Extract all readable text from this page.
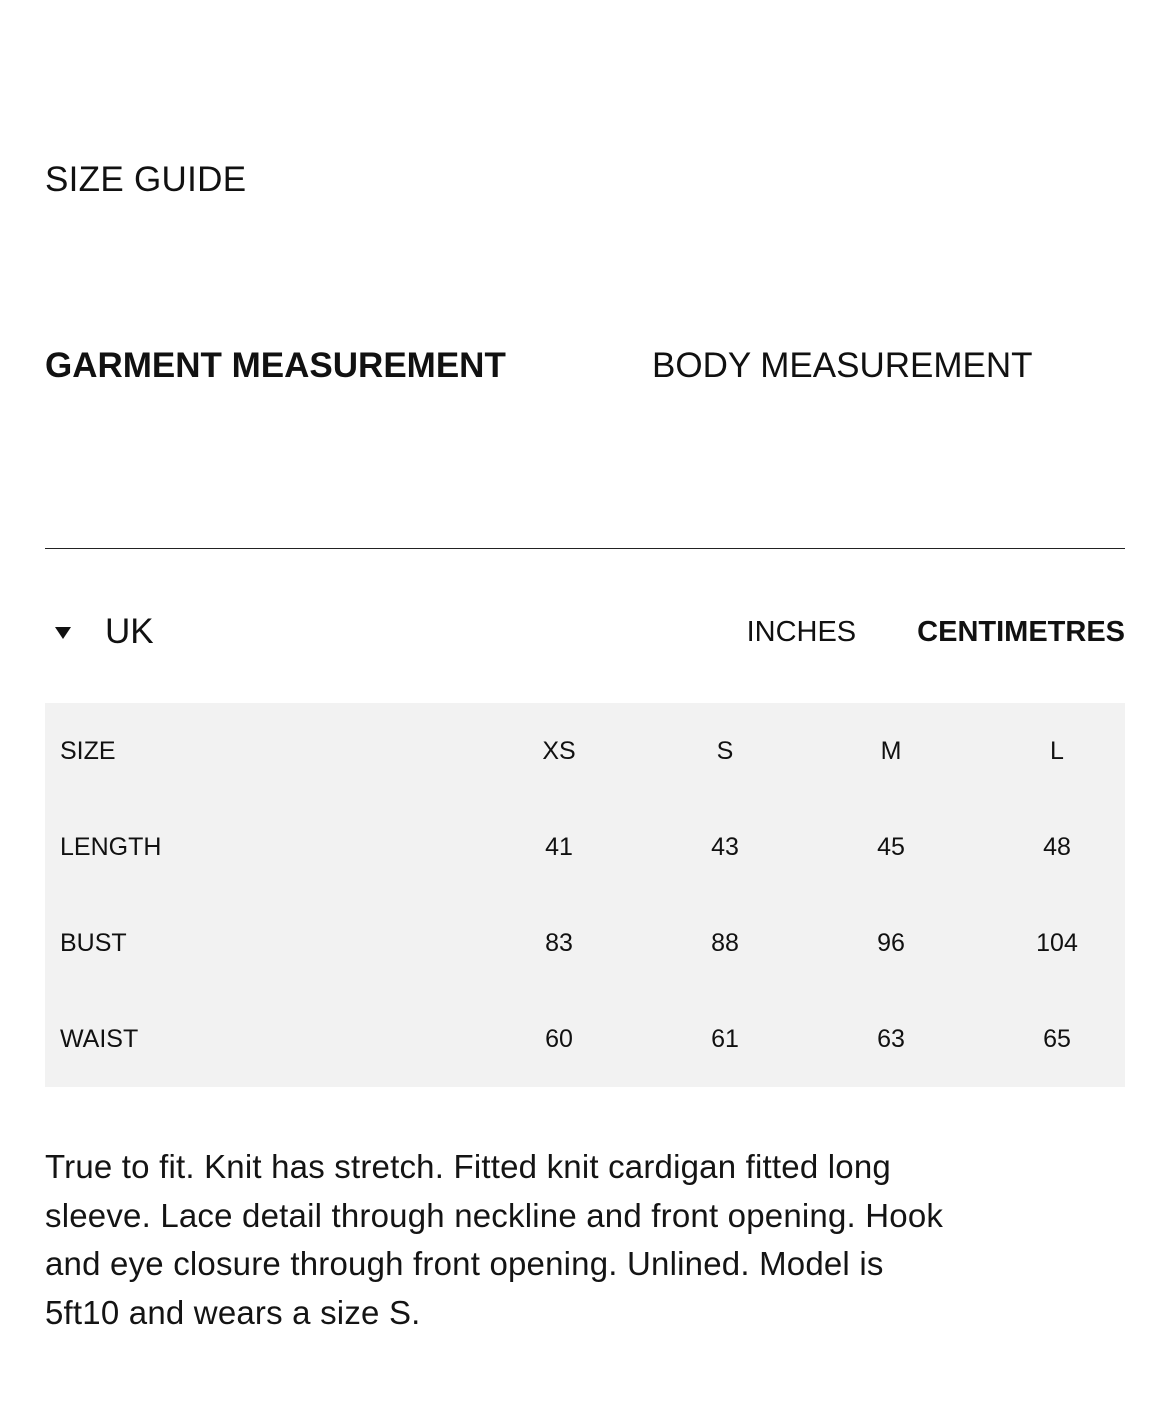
SIZE GUIDE
GARMENT MEASUREMENT	BODY MEASUREMENT
UK	INCHES CENTIMETRES
SIZE	XS	S	M	L
LENGTH	41	43	45	48
BUST	83	88	96	104
WAIST	60	61	63	65
True to fit. Knit has stretch. Fitted knit cardigan fitted long sleeve. Lace detail through neckline and front opening. Hook and eye closure through front opening. Unlined. Model is 5ft10 and wears a size S.
